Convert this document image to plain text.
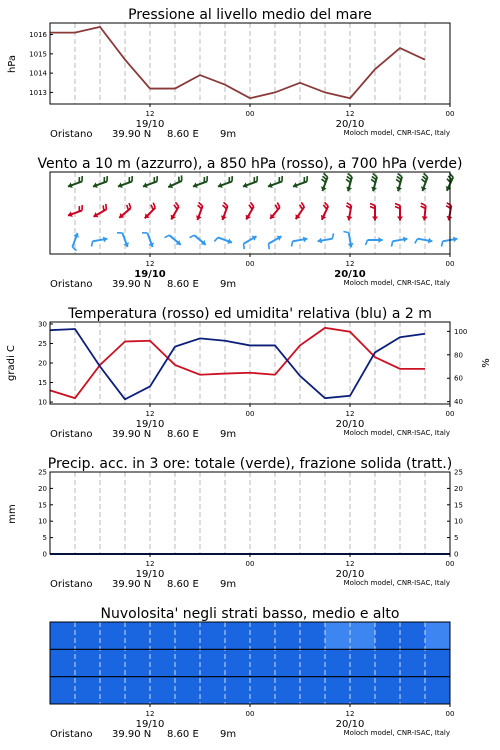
Pressione al livello medio del mare
hPa
1013
1014
1015
1016
Vento a 10 m (azzurro), a 850 hPa (rosso), a 700 hPa (verde)
Temperatura (rosso) ed umidita' relativa (blu) a 2 m
gradi C	%
10
15
20
25
30
40
60
80
100
Precip. acc. in 3 ore: totale (verde), frazione solida (tratt.)
mm
0	0
5	5
10	10
15	15
20	20
25	25
Nuvolosita' negli strati basso, medio e alto
12	00	12	00
19/10	20/10
Oristano 39.90 N 8.60 E 9m	Moloch model, CNR-ISAC, Italy
12	00	12	00
19/10	20/10
Oristano 39.90 N 8.60 E 9m	Moloch model, CNR-ISAC, Italy
12	00	12	00
19/10	20/10
Oristano 39.90 N 8.60 E 9m	Moloch model, CNR-ISAC, Italy
12	00	12	00
19/10	20/10
Oristano 39.90 N 8.60 E 9m	Moloch model, CNR-ISAC, Italy
12	00	12	00
19/10	20/10
Oristano 39.90 N 8.60 E 9m	Moloch model, CNR-ISAC, Italy
